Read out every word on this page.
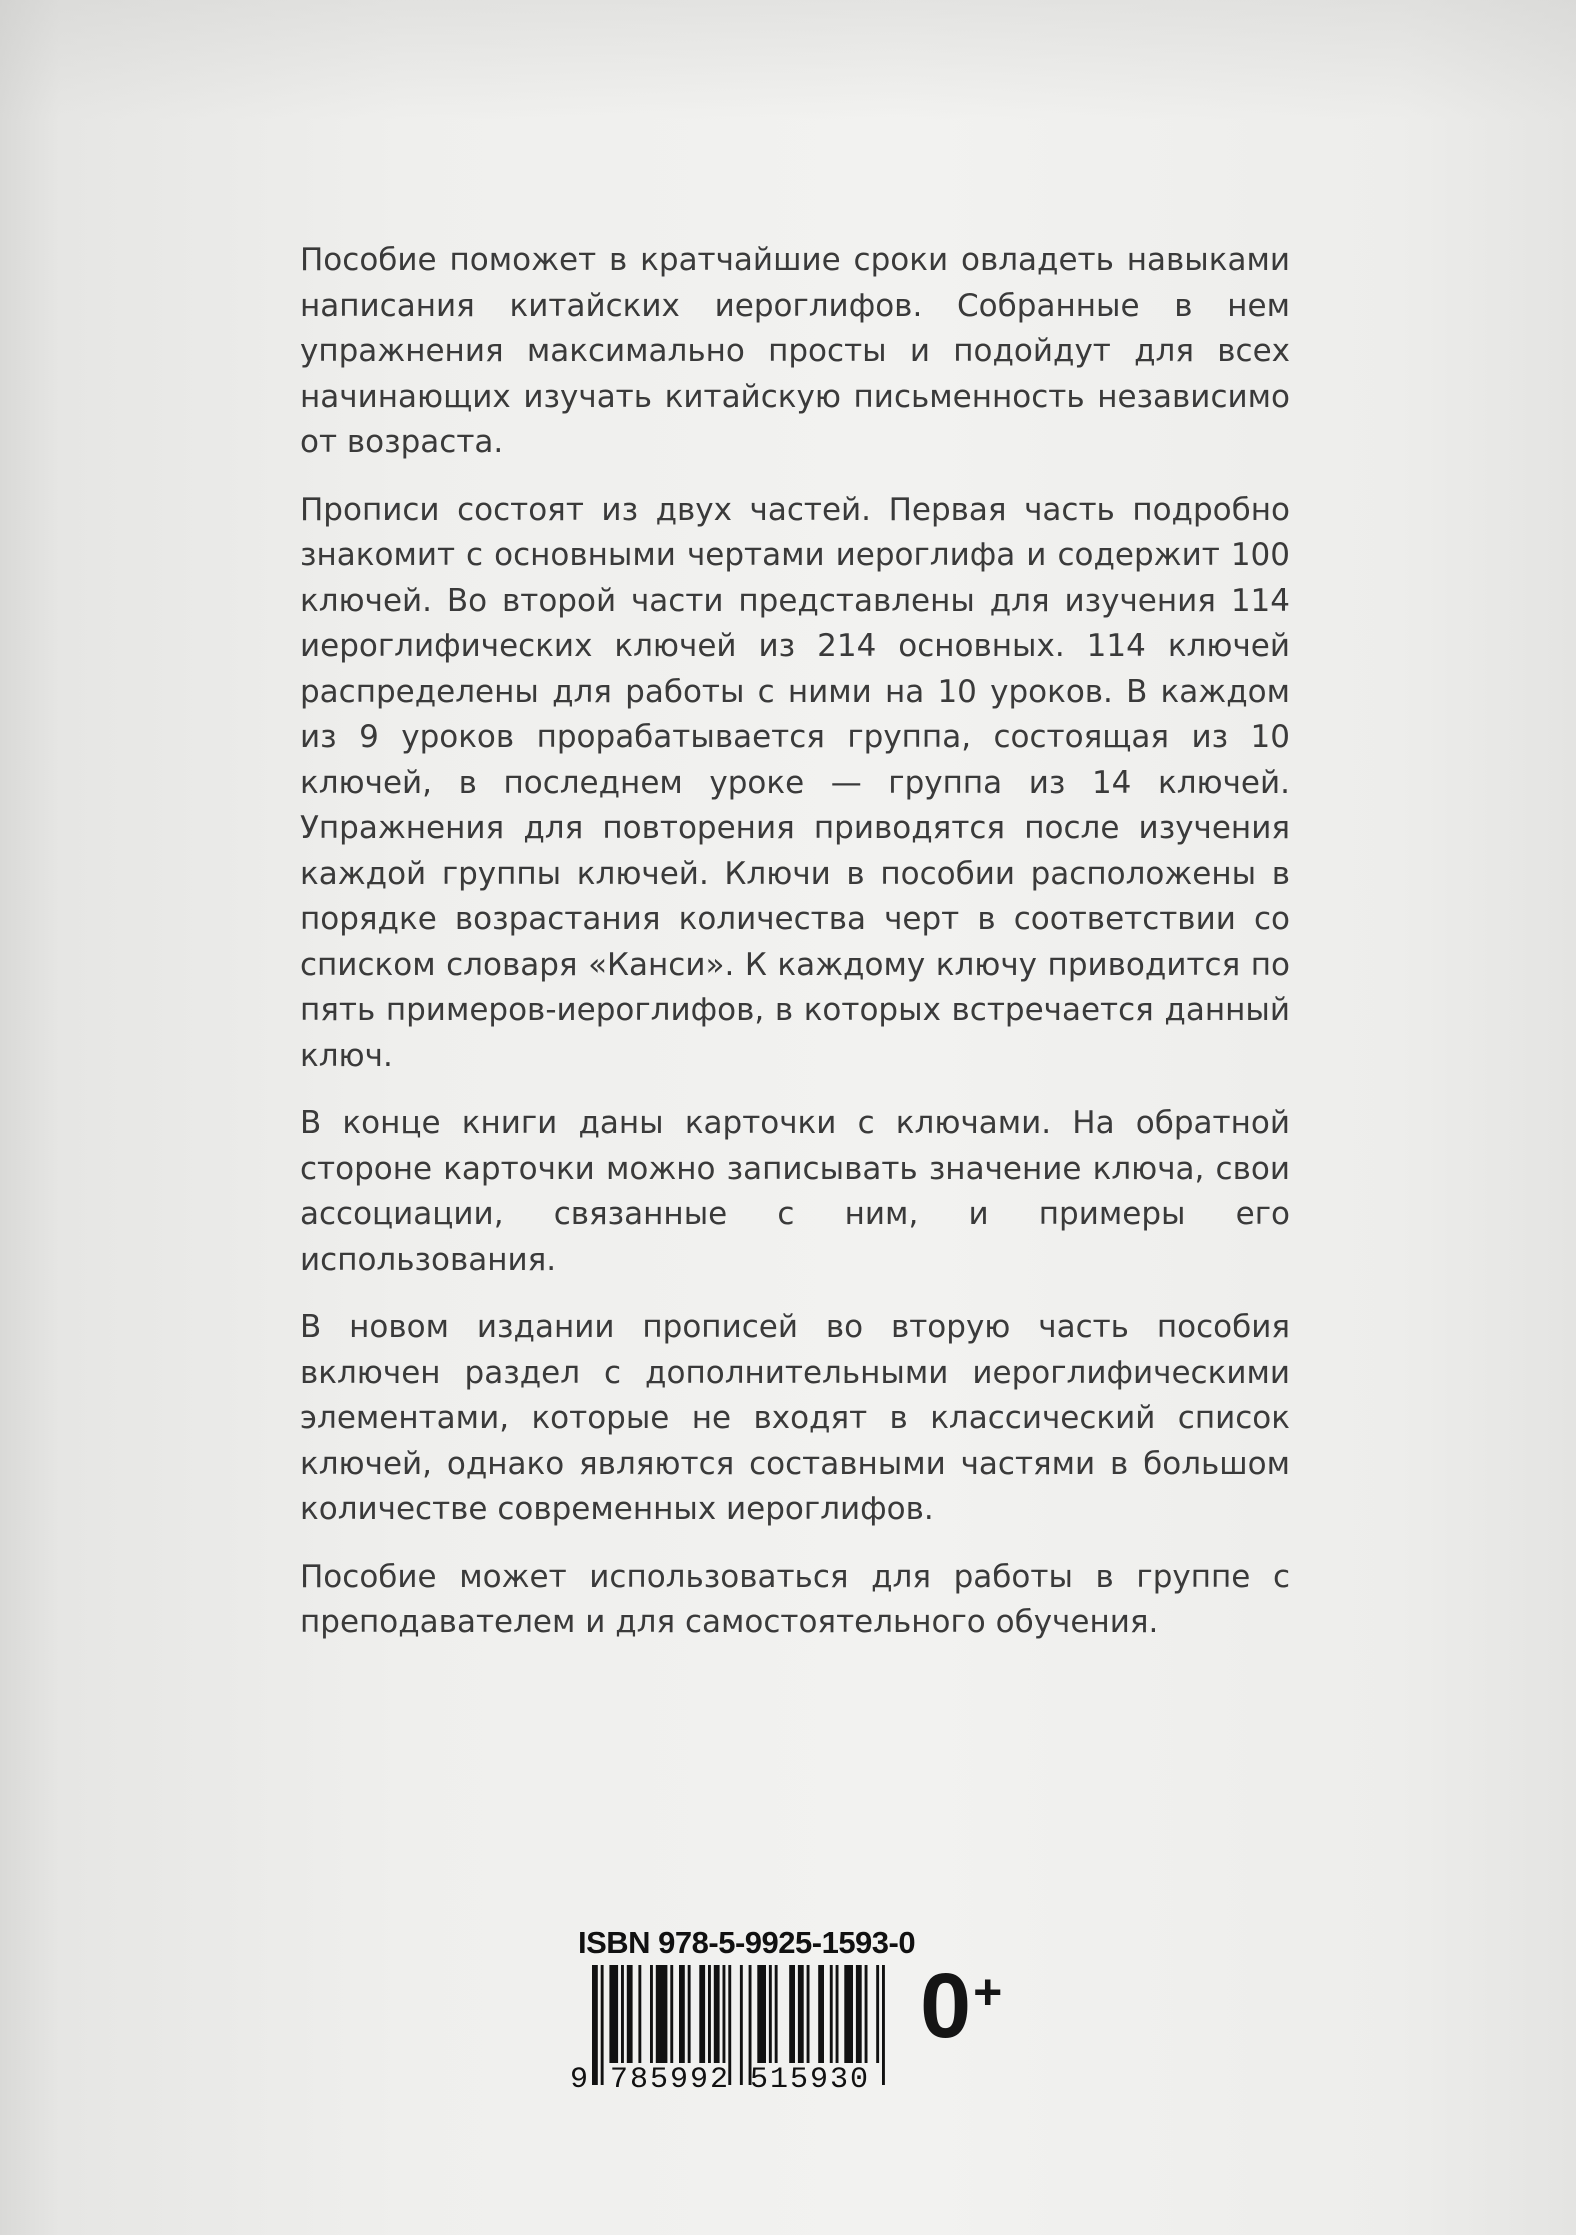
Пособие поможет в кратчайшие сроки овладеть навыками написания китайских иероглифов. Собранные в нем упражнения максимально просты и подойдут для всех начинающих изучать китайскую письменность независимо от возраста.

Прописи состоят из двух частей. Первая часть подробно знакомит с основными чертами иероглифа и содержит 100 ключей. Во второй части представлены для изучения 114 иероглифических ключей из 214 основных. 114 ключей распределены для работы с ними на 10 уроков. В каждом из 9 уроков прорабатывается группа, состоящая из 10 ключей, в последнем уроке — группа из 14 ключей. Упражнения для повторения приводятся после изучения каждой группы ключей. Ключи в пособии расположены в порядке возрастания количества черт в соответствии со списком словаря «Канси». К каждому ключу приводится по пять примеров-иероглифов, в которых встречается данный ключ.

В конце книги даны карточки с ключами. На обратной стороне карточки можно записывать значение ключа, свои ассоциации, связанные с ним, и примеры его использования.

В новом издании прописей во вторую часть пособия включен раздел с дополнительными иероглифическими элементами, которые не входят в классический список ключей, однако являются составными частями в большом количестве современных иероглифов.

Пособие может использоваться для работы в группе с преподавателем и для самостоятельного обучения.

ISBN 978-5-9925-1593-0
9 785992 515930
0+
